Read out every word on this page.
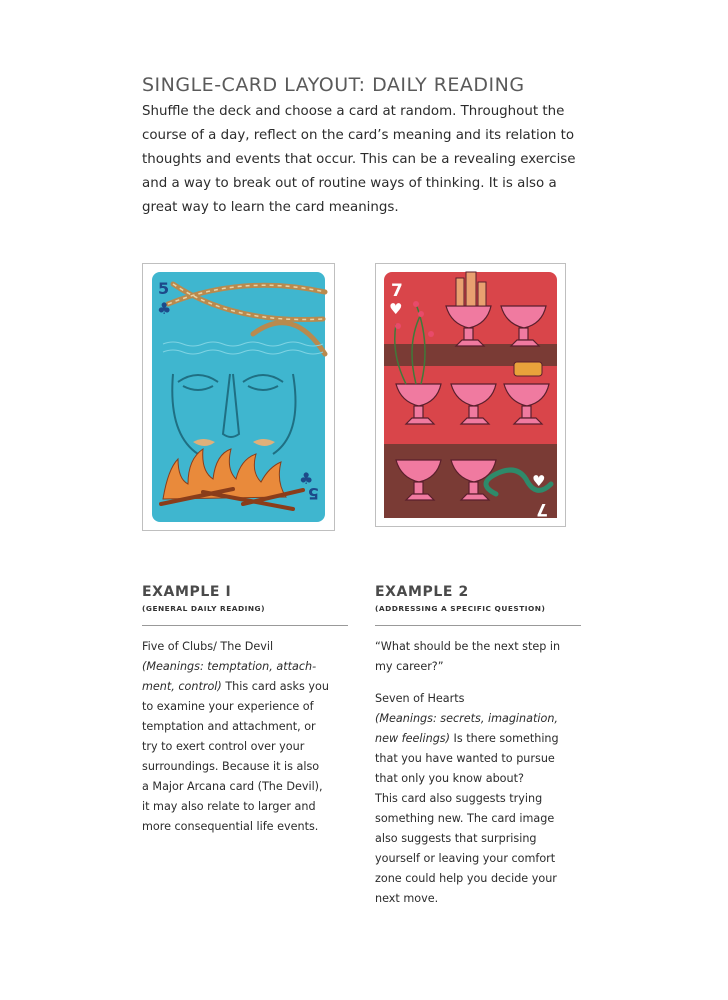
SINGLE-CARD LAYOUT: DAILY READING
Shuffle the deck and choose a card at random. Throughout the
course of a day, reflect on the card’s meaning and its relation to
thoughts and events that occur. This can be a revealing exercise
and a way to break out of routine ways of thinking. It is also a
great way to learn the card meanings.
5
♣
5
♣
7
♥
♥
7
EXAMPLE I
(GENERAL DAILY READING)
Five of Clubs/ The Devil
(Meanings: temptation, attach-
ment, control) This card asks you
to examine your experience of
temptation and attachment, or
try to exert control over your
surroundings. Because it is also
a Major Arcana card (The Devil),
it may also relate to larger and
more consequential life events.
EXAMPLE 2
(ADDRESSING A SPECIFIC QUESTION)

“What should be the next step in
my career?”

Seven of Hearts
(Meanings: secrets, imagination,
new feelings) Is there something
that you have wanted to pursue
that only you know about?
This card also suggests trying
something new. The card image
also suggests that surprising
yourself or leaving your comfort
zone could help you decide your
next move.
